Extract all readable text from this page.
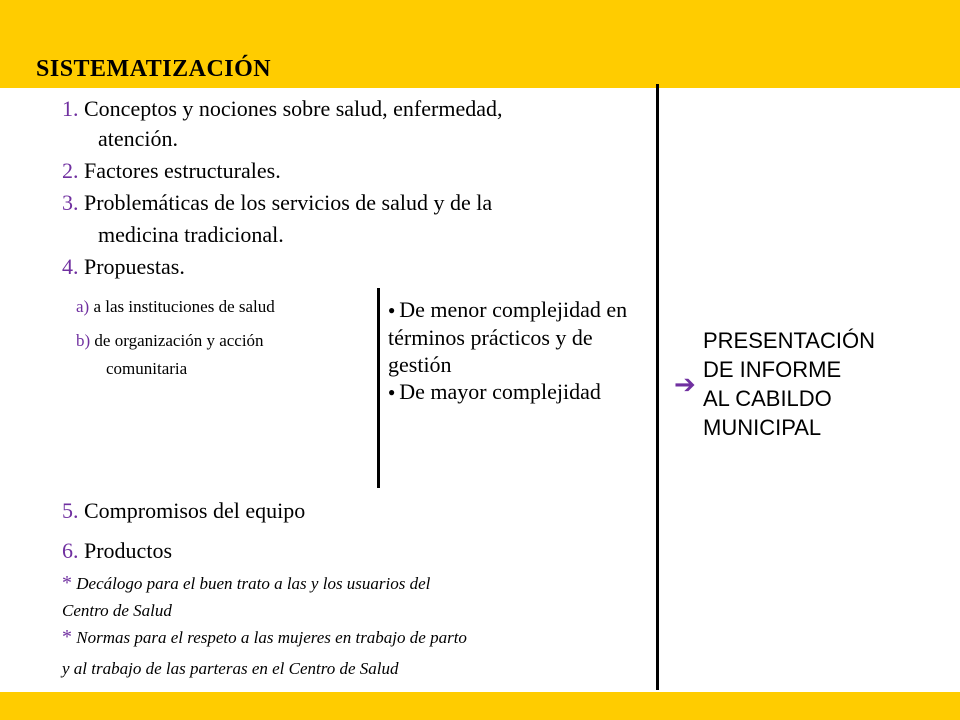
SISTEMATIZACIÓN
1. Conceptos y nociones sobre salud, enfermedad,
atención.
2. Factores estructurales.
3. Problemáticas de los servicios de salud y de la
medicina tradicional.
4. Propuestas.
a) a las instituciones de salud
b) de organización y acción
comunitaria
● De menor complejidad en términos prácticos y de gestión
● De mayor complejidad
5. Compromisos del equipo
6. Productos
* Decálogo para el buen trato a las y los usuarios del
Centro de Salud
* Normas para el respeto a las mujeres en trabajo de parto
y al trabajo de las parteras en el Centro de Salud
➔
PRESENTACIÓN
DE INFORME
AL CABILDO
MUNICIPAL
